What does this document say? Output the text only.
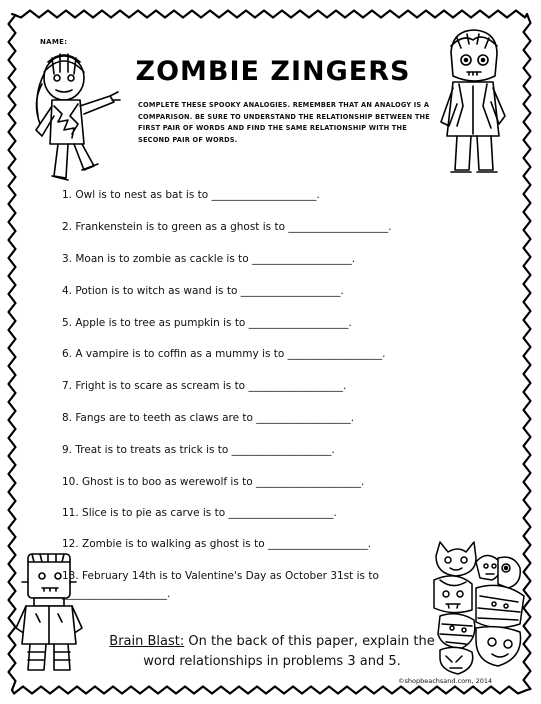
NAME:
ZOMBIE ZINGERS
COMPLETE THESE SPOOKY ANALOGIES. REMEMBER THAT AN ANALOGY IS A COMPARISON. BE SURE TO UNDERSTAND THE RELATIONSHIP BETWEEN THE FIRST PAIR OF WORDS AND FIND THE SAME RELATIONSHIP WITH THE SECOND PAIR OF WORDS.
1. Owl is to nest as bat is to ____________________.
2. Frankenstein is to green as a ghost is to ___________________.
3. Moan is to zombie as cackle is to ___________________.
4. Potion is to witch as wand is to ___________________.
5. Apple is to tree as pumpkin is to ___________________.
6. A vampire is to coffin as a mummy is to __________________.
7. Fright is to scare as scream is to __________________.
8. Fangs are to teeth as claws are to __________________.
9. Treat is to treats as trick is to ___________________.
10. Ghost is to boo as werewolf is to ____________________.
11. Slice is to pie as carve is to ____________________.
12. Zombie is to walking as ghost is to ___________________.
13. February 14th is to Valentine's Day as October 31st is to ____________________.
Brain Blast: On the back of this paper, explain the word relationships in problems 3 and 5.
©shopbeachsand.com, 2014
